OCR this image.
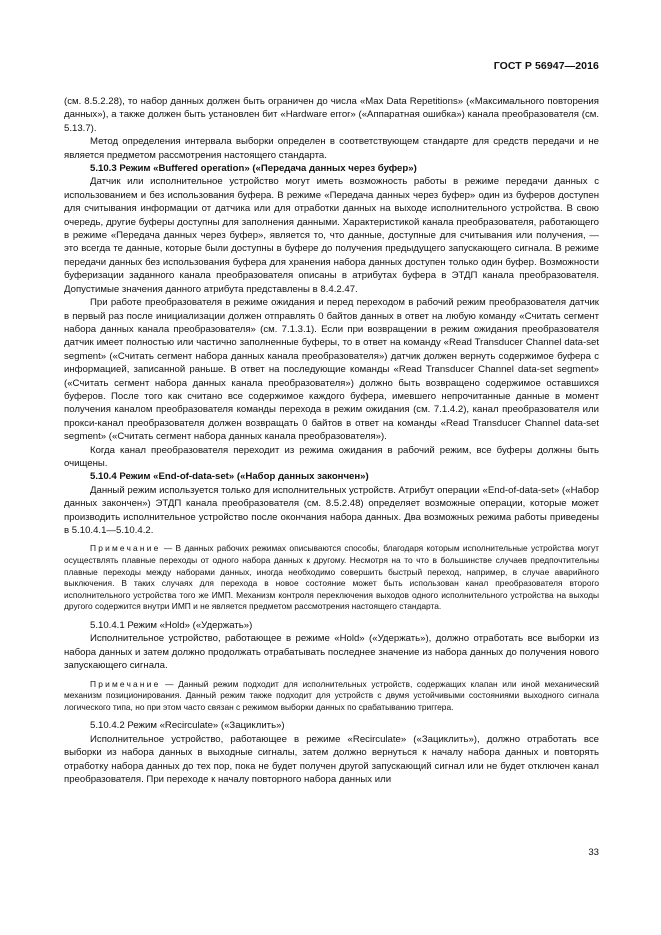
ГОСТ Р 56947—2016

(см. 8.5.2.28), то набор данных должен быть ограничен до числа «Max Data Repetitions» («Максимального повторения данных»), а также должен быть установлен бит «Hardware error» («Аппаратная ошибка») канала преобразователя (см. 5.13.7).

Метод определения интервала выборки определен в соответствующем стандарте для средств передачи и не является предметом рассмотрения настоящего стандарта.

5.10.3 Режим «Buffered operation» («Передача данных через буфер»)

Датчик или исполнительное устройство могут иметь возможность работы в режиме передачи данных с использованием и без использования буфера. В режиме «Передача данных через буфер» один из буферов доступен для считывания информации от датчика или для отработки данных на выходе исполнительного устройства. В свою очередь, другие буферы доступны для заполнения данными. Характеристикой канала преобразователя, работающего в режиме «Передача данных через буфер», является то, что данные, доступные для считывания или получения, — это всегда те данные, которые были доступны в буфере до получения предыдущего запускающего сигнала. В режиме передачи данных без использования буфера для хранения набора данных доступен только один буфер. Возможности буферизации заданного канала преобразователя описаны в атрибутах буфера в ЭТДП канала преобразователя. Допустимые значения данного атрибута представлены в 8.4.2.47.

При работе преобразователя в режиме ожидания и перед переходом в рабочий режим преобразователя датчик в первый раз после инициализации должен отправлять 0 байтов данных в ответ на любую команду «Считать сегмент набора данных канала преобразователя» (см. 7.1.3.1). Если при возвращении в режим ожидания преобразователя датчик имеет полностью или частично заполненные буферы, то в ответ на команду «Read Transducer Channel data-set segment» («Считать сегмент набора данных канала преобразователя») датчик должен вернуть содержимое буфера с информацией, записанной раньше. В ответ на последующие команды «Read Transducer Channel data-set segment» («Считать сегмент набора данных канала преобразователя») должно быть возвращено содержимое оставшихся буферов. После того как считано все содержимое каждого буфера, имевшего непрочитанные данные в момент получения каналом преобразователя команды перехода в режим ожидания (см. 7.1.4.2), канал преобразователя или прокси-канал преобразователя должен возвращать 0 байтов в ответ на команды «Read Transducer Channel data-set segment» («Считать сегмент набора данных канала преобразователя»).

Когда канал преобразователя переходит из режима ожидания в рабочий режим, все буферы должны быть очищены.

5.10.4 Режим «End-of-data-set» («Набор данных закончен»)

Данный режим используется только для исполнительных устройств. Атрибут операции «End-of-data-set» («Набор данных закончен») ЭТДП канала преобразователя (см. 8.5.2.48) определяет возможные операции, которые может производить исполнительное устройство после окончания набора данных. Два возможных режима работы приведены в 5.10.4.1—5.10.4.2.

Примечание — В данных рабочих режимах описываются способы, благодаря которым исполнительные устройства могут осуществлять плавные переходы от одного набора данных к другому. Несмотря на то что в большинстве случаев предпочтительны плавные переходы между наборами данных, иногда необходимо совершить быстрый переход, например, в случае аварийного выключения. В таких случаях для перехода в новое состояние может быть использован канал преобразователя второго исполнительного устройства того же ИМП. Механизм контроля переключения выходов одного исполнительного устройства на выходы другого содержится внутри ИМП и не является предметом рассмотрения настоящего стандарта.

5.10.4.1 Режим «Hold» («Удержать»)

Исполнительное устройство, работающее в режиме «Hold» («Удержать»), должно отработать все выборки из набора данных и затем должно продолжать отрабатывать последнее значение из набора данных до получения нового запускающего сигнала.

Примечание — Данный режим подходит для исполнительных устройств, содержащих клапан или иной механический механизм позиционирования. Данный режим также подходит для устройств с двумя устойчивыми состояниями выходного сигнала логического типа, но при этом часто связан с режимом выборки данных по срабатыванию триггера.

5.10.4.2 Режим «Recirculate» («Зациклить»)

Исполнительное устройство, работающее в режиме «Recirculate» («Зациклить»), должно отработать все выборки из набора данных в выходные сигналы, затем должно вернуться к началу набора данных и повторять отработку набора данных до тех пор, пока не будет получен другой запускающий сигнал или не будет отключен канал преобразователя. При переходе к началу повторного набора данных или

33
